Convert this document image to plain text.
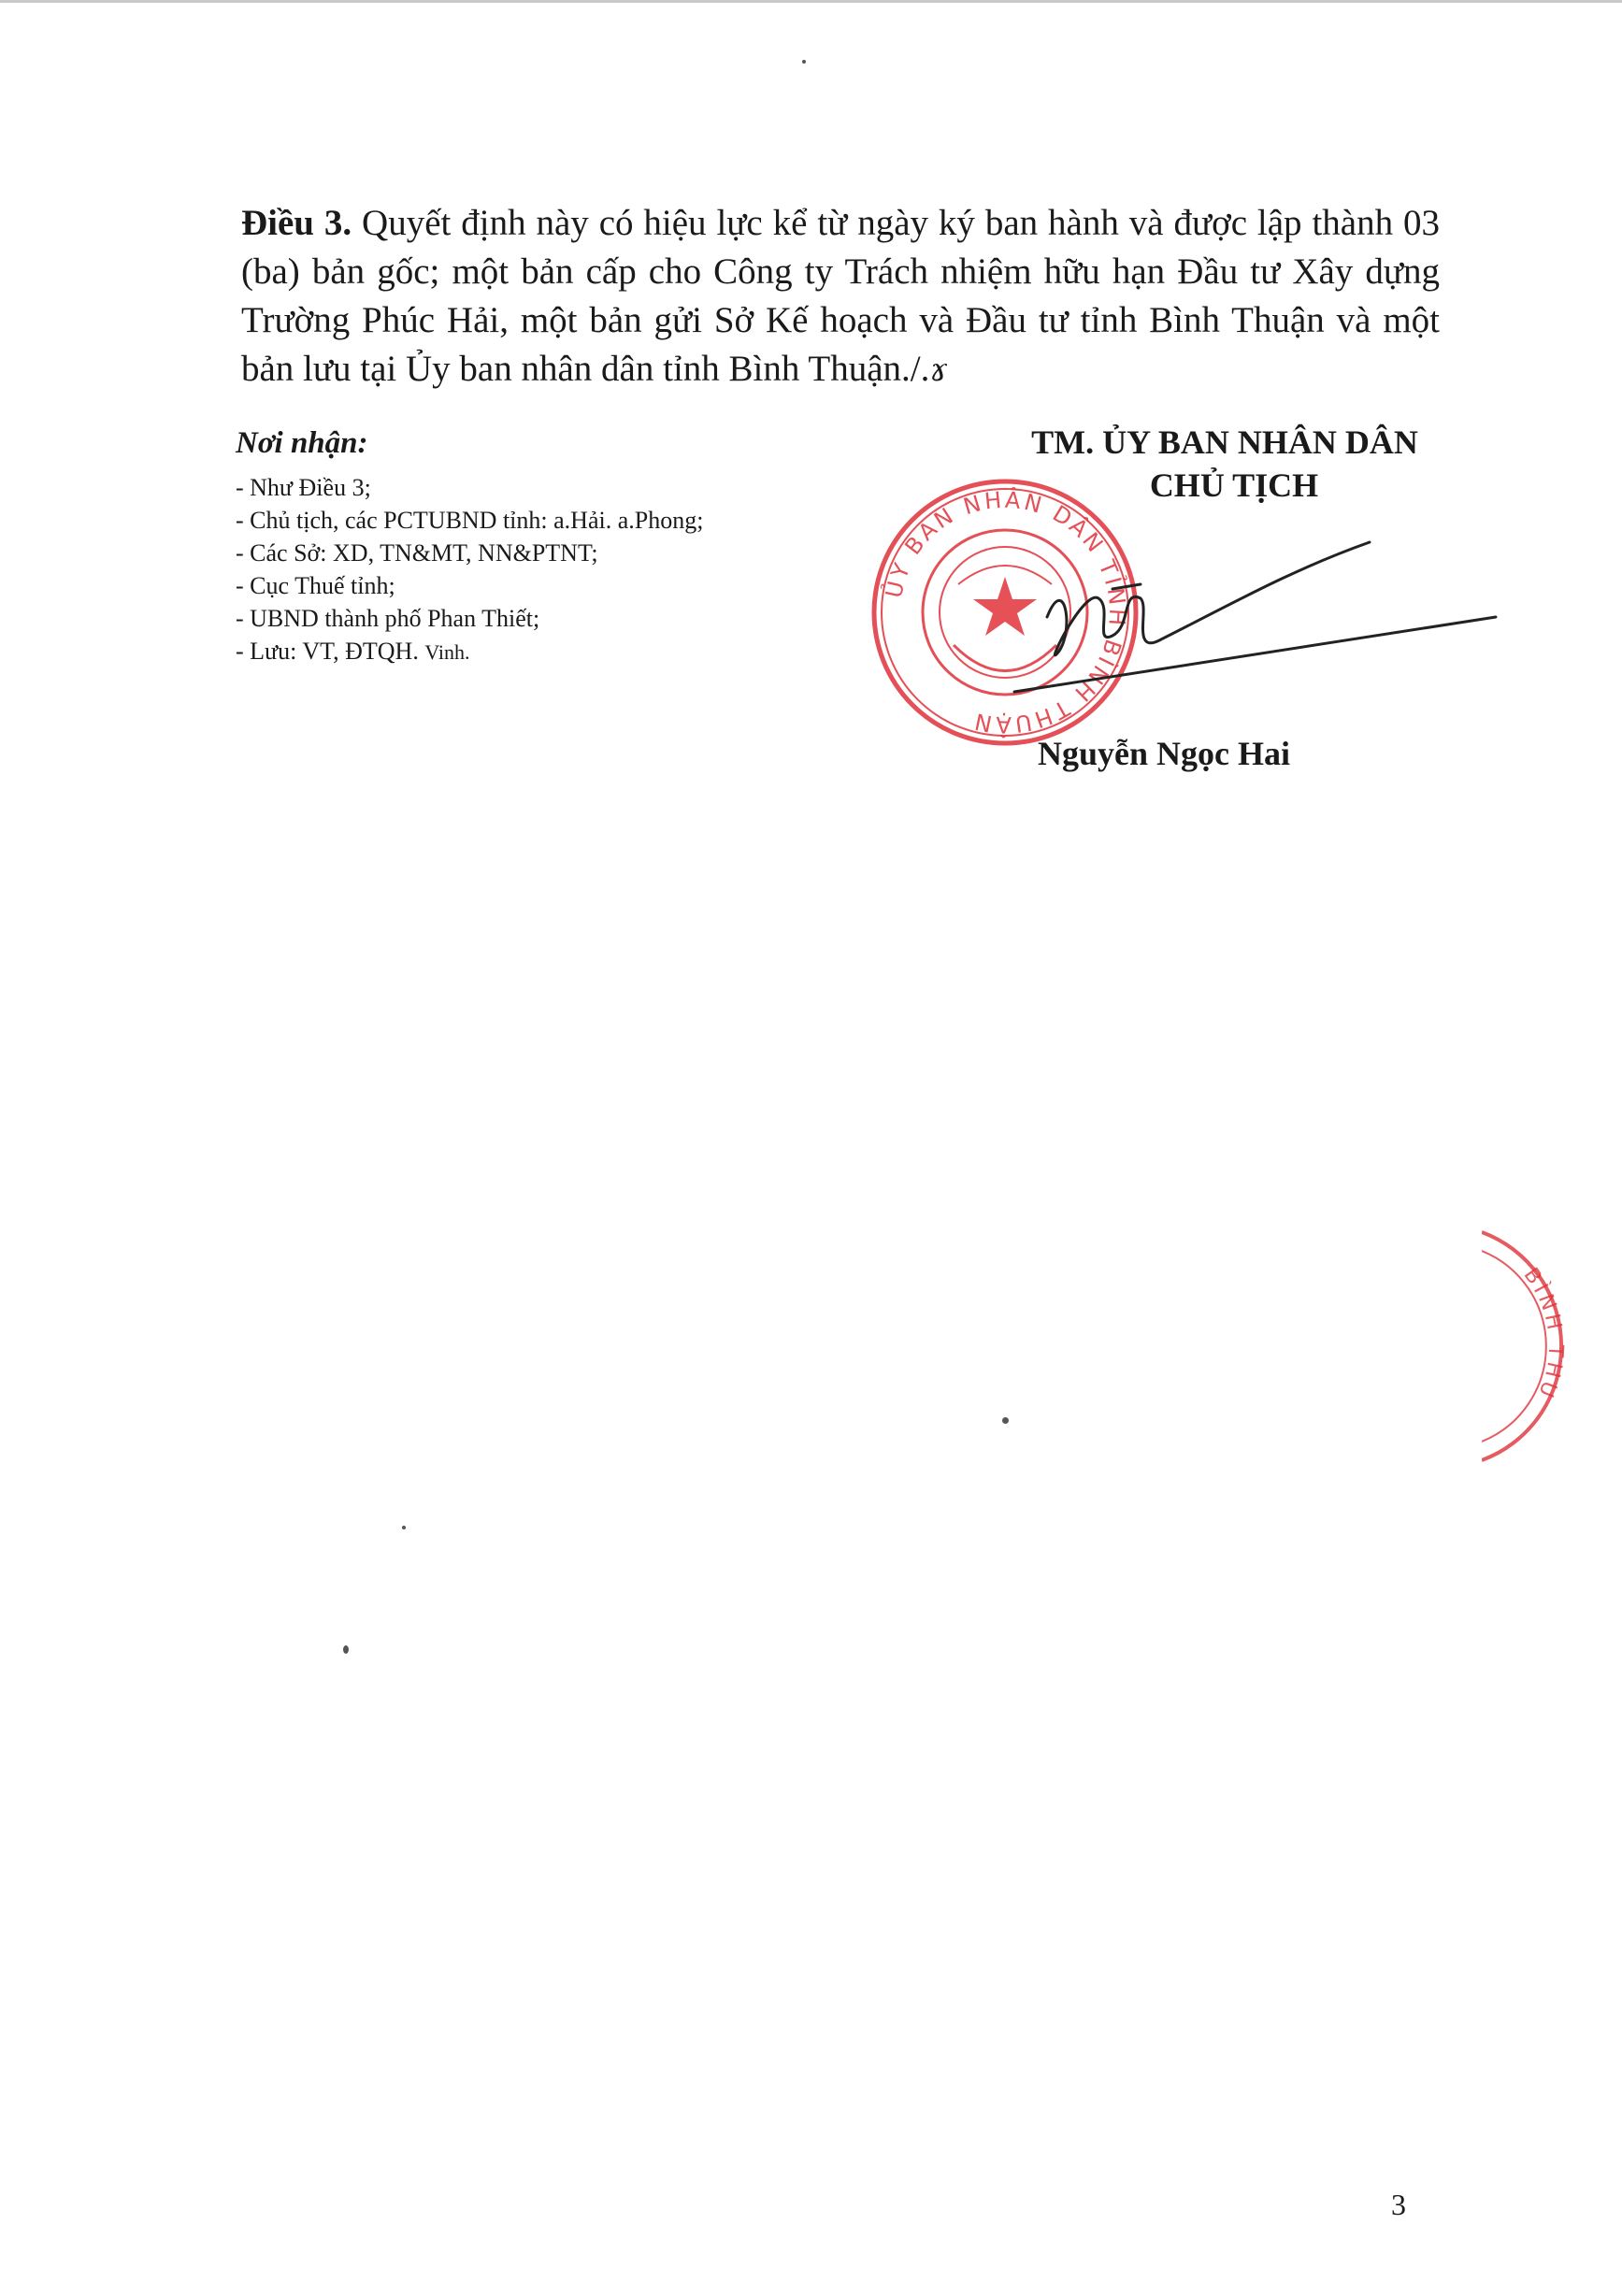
Điều 3. Quyết định này có hiệu lực kể từ ngày ký ban hành và được lập thành 03 (ba) bản gốc; một bản cấp cho Công ty Trách nhiệm hữu hạn Đầu tư Xây dựng Trường Phúc Hải, một bản gửi Sở Kế hoạch và Đầu tư tỉnh Bình Thuận và một bản lưu tại Ủy ban nhân dân tỉnh Bình Thuận./.ɤ

Nơi nhận:

- Như Điều 3;
- Chủ tịch, các PCTUBND tỉnh: a.Hải. a.Phong;
- Các Sở: XD, TN&MT, NN&PTNT;
- Cục Thuế tỉnh;
- UBND thành phố Phan Thiết;
- Lưu: VT, ĐTQH. Vinh.
TM. ỦY BAN NHÂN DÂN
CHỦ TỊCH
ỦY BAN NHÂN DÂN TỈNH BÌNH THUẬN
Nguyễn Ngọc Hai
BÌNH THU
3
